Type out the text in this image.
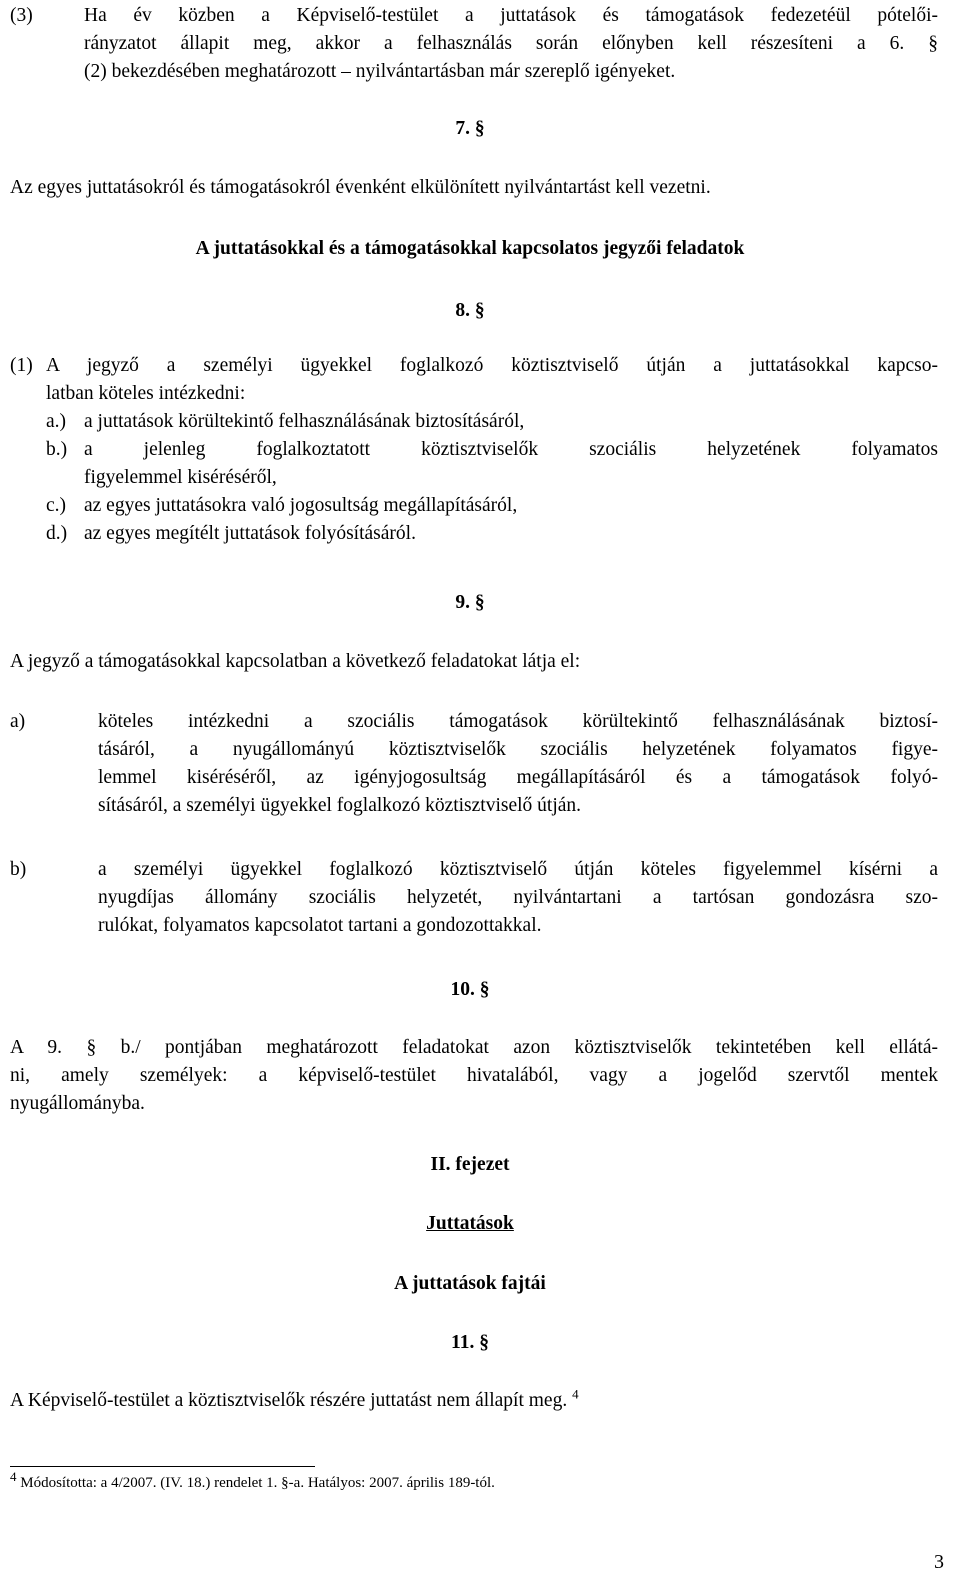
(3)	Ha év közben a Képviselő-testület a juttatások és támogatások fedezetéül pótelői-
rányzatot állapit meg, akkor a felhasználás során előnyben kell részesíteni a 6. §
(2) bekezdésében meghatározott – nyilvántartásban már szereplő igényeket.
7. §
Az egyes juttatásokról és támogatásokról évenként elkülönített nyilvántartást kell vezetni.
A juttatásokkal és a támogatásokkal kapcsolatos jegyzői feladatok
8. §
(1) A jegyző a személyi ügyekkel foglalkozó köztisztviselő útján a juttatásokkal kapcso-
latban köteles intézkedni:
a.) a juttatások körültekintő felhasználásának biztosításáról,
b.) a jelenleg foglalkoztatott köztisztviselők szociális helyzetének folyamatos
figyelemmel kiséréséről,
c.) az egyes juttatásokra való jogosultság megállapításáról,
d.) az egyes megítélt juttatások folyósításáról.
9. §
A jegyző a támogatásokkal kapcsolatban a következő feladatokat látja el:
a)	köteles intézkedni a szociális támogatások körültekintő felhasználásának biztosí-
tásáról, a nyugállományú köztisztviselők szociális helyzetének folyamatos figye-
lemmel kiséréséről, az igényjogosultság megállapításáról és a támogatások folyó-
sításáról, a személyi ügyekkel foglalkozó köztisztviselő útján.
b)	a személyi ügyekkel foglalkozó köztisztviselő útján köteles figyelemmel kísérni a
nyugdíjas állomány szociális helyzetét, nyilvántartani a tartósan gondozásra szo-
rulókat, folyamatos kapcsolatot tartani a gondozottakkal.
10. §
A 9. § b./ pontjában meghatározott feladatokat azon köztisztviselők tekintetében kell ellátá-
ni, amely személyek: a képviselő-testület hivatalából, vagy a jogelőd szervtől mentek
nyugállományba.
II. fejezet
Juttatások
A juttatások fajtái
11. §
A Képviselő-testület a köztisztviselők részére juttatást nem állapít meg. $^4$
$^4$ Módosította: a 4/2007. (IV. 18.) rendelet 1. §-a. Hatályos: 2007. április 189-tól.
3
